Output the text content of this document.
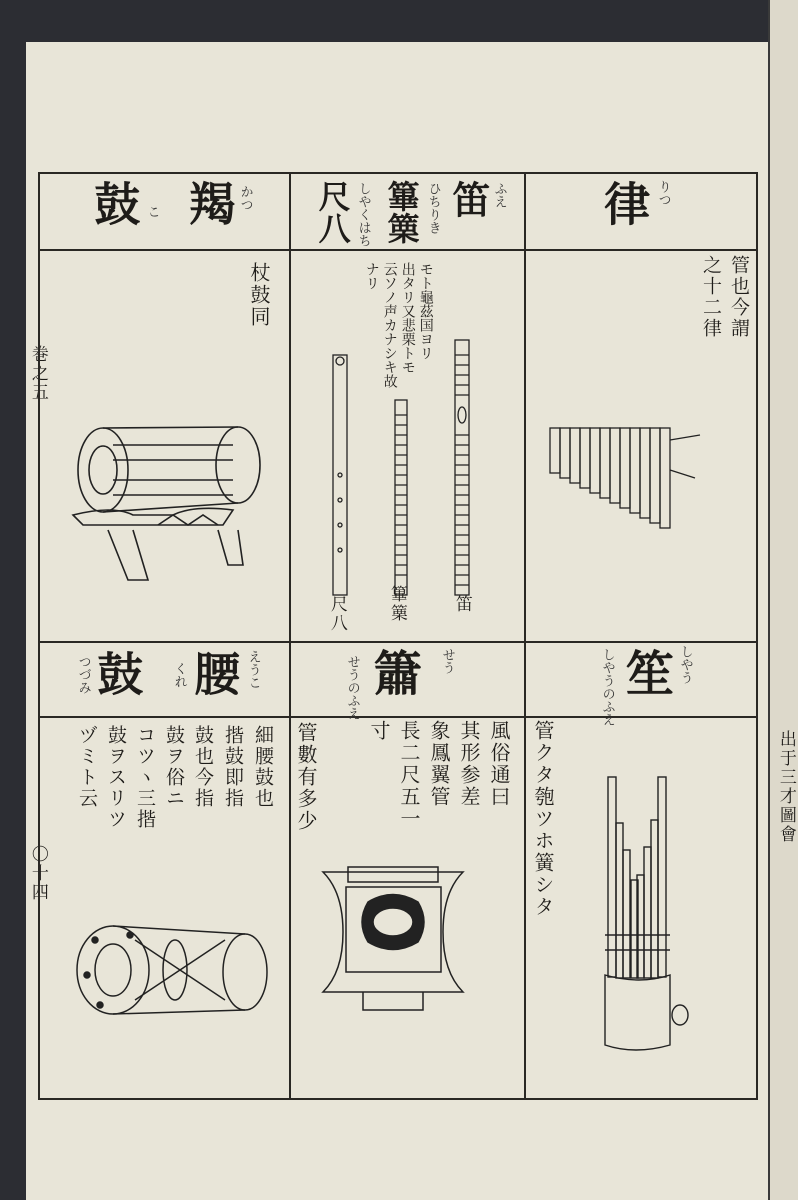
出于三才圖會
巻之五
〇十四
律 りつ
管也今謂
之十二律
笛 ふえ
篳篥 ひちりき
尺八 しやくはち
モト龜茲国ヨリ
出タリ又悲栗トモ
云ソノ声カナシキ故
ナリ
尺八 篳篥	笛
羯
鼓	かつ
こ
杖鼓同
笙 しやう
しやうのふえ
管クタ匏ツホ簧シタ
簫 せう
せうのふえ
風俗通曰
其形参差
象鳳翼管
長二尺五一
寸
管數有多少
腰
鼓	えうこ
くれ
つづみ
細腰鼓也
揩鼓即指
鼓也今指
鼓ヲ俗ニ
コツヽ三揩
鼓ヲスリツ
ヅミト云
